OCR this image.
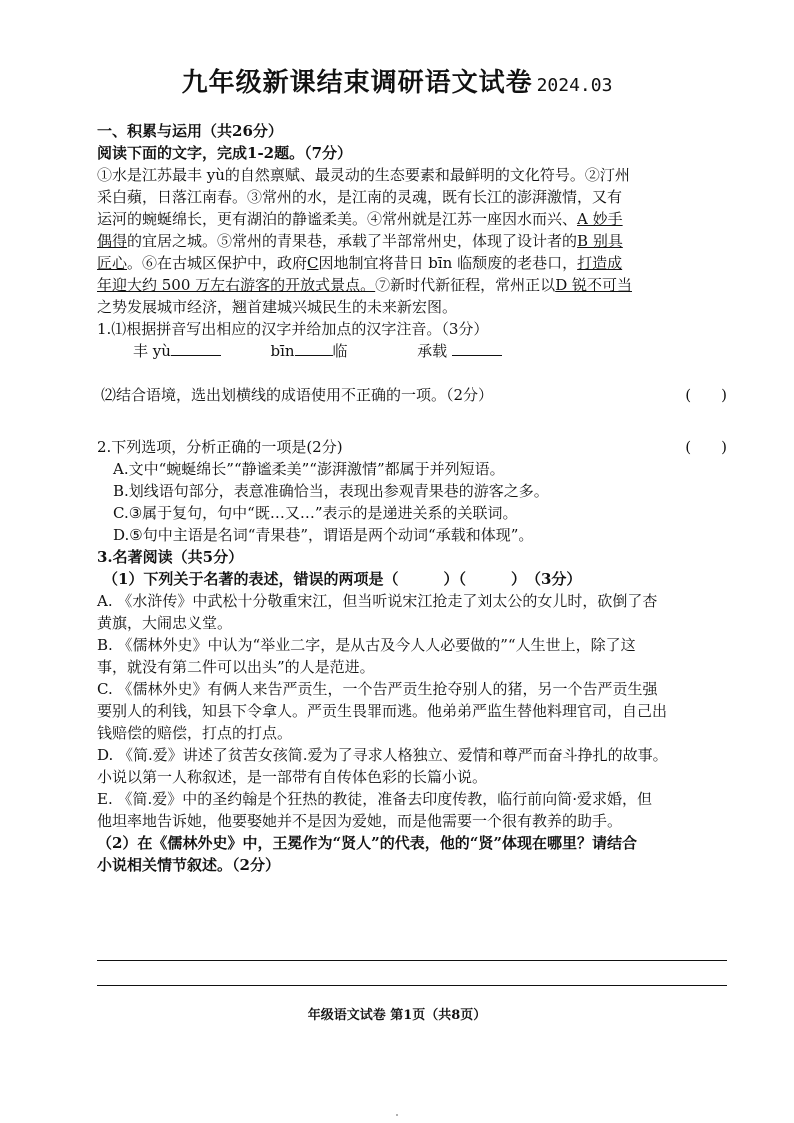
九年级新课结束调研语文试卷 2024.03
一、积累与运用（共26分）
阅读下面的文字，完成1-2题。（7分）
①水是江苏最丰 yù的自然禀赋、最灵动的生态要素和最鲜明的文化符号。②汀州
采白蘋，日落江南春。③常州的水，是江南的灵魂，既有长江的澎湃激情，又有
运河的蜿蜒绵长，更有湖泊的静谧柔美。④常州就是江苏一座因水而兴、A 妙手
偶得的宜居之城。⑤常州的青果巷，承载了半部常州史，体现了设计者的B 别具
匠心。⑥在古城区保护中，政府C因地制宜将昔日 bīn 临颓废的老巷口，打造成
年迎大约 500 万左右游客的开放式景点。⑦新时代新征程，常州正以D 锐不可当
之势发展城市经济，翘首建城兴城民生的未来新宏图。
1.⑴根据拼音写出相应的汉字并给加点的汉字注音。（3分）
丰 yù	bīn	临	承载
⑵结合语境，选出划横线的成语使用不正确的一项。（2分）	(　　)
2.下列选项，分析正确的一项是(2分)	(　　)
A.文中“蜿蜒绵长”“静谧柔美”“澎湃激情”都属于并列短语。
B.划线语句部分，表意准确恰当，表现出参观青果巷的游客之多。
C.③属于复句，句中“既…又…”表示的是递进关系的关联词。
D.⑤句中主语是名词“青果巷”，谓语是两个动词“承载和体现”。
3.名著阅读（共5分）
（1）下列关于名著的表述，错误的两项是（　　　）（　　　）　（3分）
A. 《水浒传》中武松十分敬重宋江，但当听说宋江抢走了刘太公的女儿时，砍倒了杏
黄旗，大闹忠义堂。
B. 《儒林外史》中认为“举业二字，是从古及今人人必要做的”“人生世上，除了这
事，就没有第二件可以出头”的人是范进。
C. 《儒林外史》有俩人来告严贡生，一个告严贡生抢夺别人的猪，另一个告严贡生强
要别人的利钱，知县下令拿人。严贡生畏罪而逃。他弟弟严监生替他料理官司，自己出
钱赔偿的赔偿，打点的打点。
D. 《简.爱》讲述了贫苦女孩简.爱为了寻求人格独立、爱情和尊严而奋斗挣扎的故事。
小说以第一人称叙述，是一部带有自传体色彩的长篇小说。
E. 《简.爱》中的圣约翰是个狂热的教徒，准备去印度传教，临行前向简·爱求婚，但
他坦率地告诉她，他要娶她并不是因为爱她，而是他需要一个很有教养的助手。
（2）在《儒林外史》中，王冕作为“贤人”的代表，他的“贤”体现在哪里？请结合
小说相关情节叙述。（2分）
年级语文试卷 第1页（共8页）
